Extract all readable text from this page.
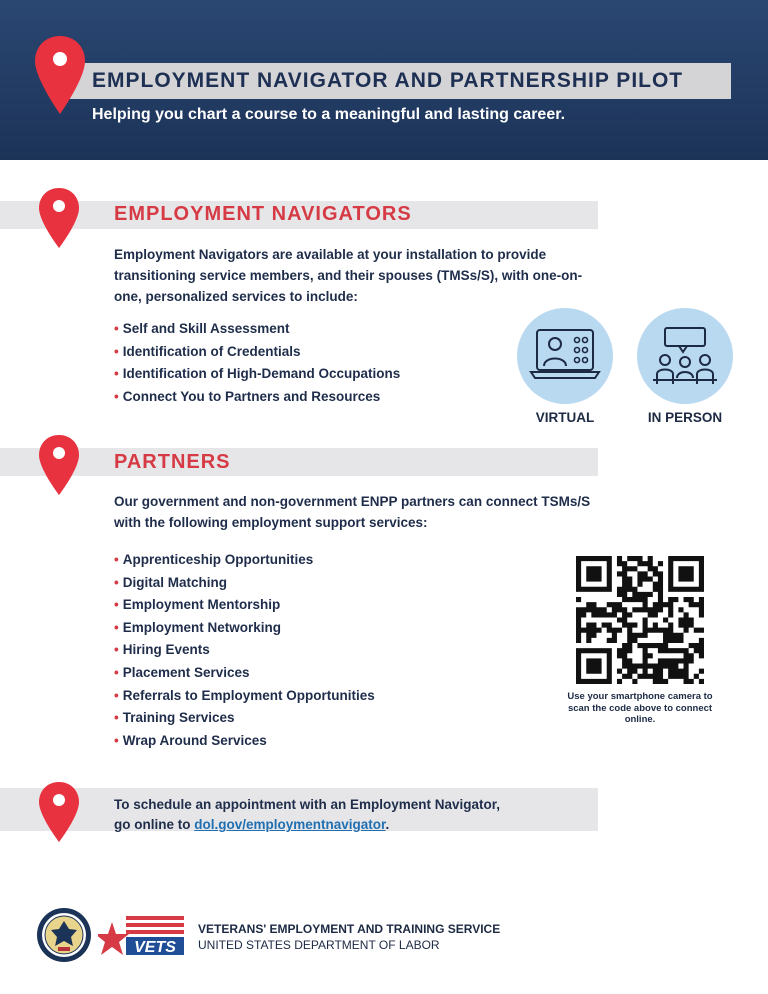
EMPLOYMENT NAVIGATOR AND PARTNERSHIP PILOT
Helping you chart a course to a meaningful and lasting career.
EMPLOYMENT NAVIGATORS
Employment Navigators are available at your installation to provide transitioning service members, and their spouses (TMSs/S), with one-on-one, personalized services to include:
• Self and Skill Assessment
• Identification of Credentials
• Identification of High-Demand Occupations
• Connect You to Partners and Resources
VIRTUAL	IN PERSON
PARTNERS
Our government and non-government ENPP partners can connect TSMs/S with the following employment support services:
• Apprenticeship Opportunities
• Digital Matching
• Employment Mentorship
• Employment Networking
• Hiring Events
• Placement Services
• Referrals to Employment Opportunities
• Training Services
• Wrap Around Services
Use your smartphone camera to scan the code above to connect online.
To schedule an appointment with an Employment Navigator,
go online to dol.gov/employmentnavigator.
VETS
VETERANS' EMPLOYMENT AND TRAINING SERVICE
UNITED STATES DEPARTMENT OF LABOR
